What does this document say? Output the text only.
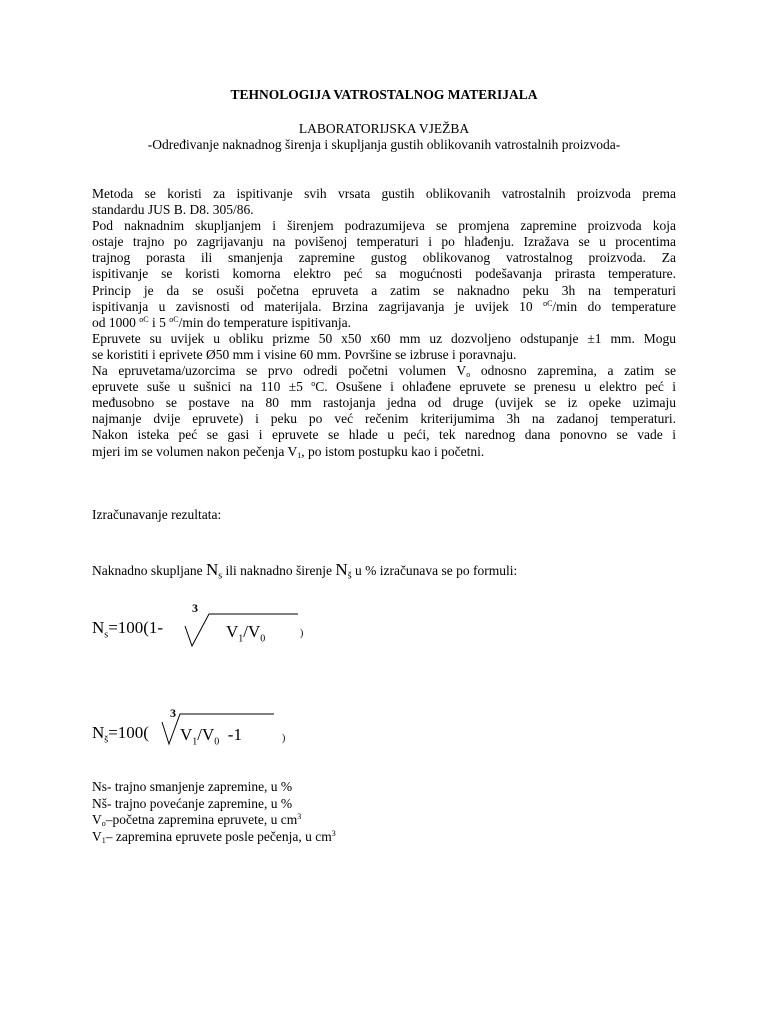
TEHNOLOGIJA VATROSTALNOG MATERIJALA
LABORATORIJSKA VJEŽBA
-Određivanje naknadnog širenja i skupljanja gustih oblikovanih vatrostalnih proizvoda-
Metoda se koristi za ispitivanje svih vrsata gustih oblikovanih vatrostalnih proizvoda prema
standardu JUS B. D8. 305/86.
Pod naknadnim skupljanjem i širenjem podrazumijeva se promjena zapremine proizvoda koja
ostaje trajno po zagrijavanju na povišenoj temperaturi i po hlađenju. Izražava se u procentima
trajnog porasta ili smanjenja zapremine gustog oblikovanog vatrostalnog proizvoda. Za
ispitivanje se koristi komorna elektro peć sa mogućnosti podešavanja prirasta temperature.
Princip je da se osuši početna epruveta a zatim se naknadno peku 3h na temperaturi
ispitivanja u zavisnosti od materijala. Brzina zagrijavanja je uvijek 10 $^{oC}$/min do temperature
od 1000 $^{oC}$ i 5 $^{oC}$/min do temperature ispitivanja.
Epruvete su uvijek u obliku prizme 50 x50 x60 mm uz dozvoljeno odstupanje ±1 mm. Mogu
se koristiti i eprivete Ø50 mm i visine 60 mm. Površine se izbruse i poravnaju.
Na epruvetama/uzorcima se prvo odredi početni volumen $V_o$ odnosno zapremina, a zatim se
epruvete suše u sušnici na 110 ±5 $^o$C. Osušene i ohlađene epruvete se prenesu u elektro peć i
međusobno se postave na 80 mm rastojanja jedna od druge (uvijek se iz opeke uzimaju
najmanje dvije epruvete) i peku po već rečenim kriterijumima 3h na zadanoj temperaturi.
Nakon isteka peć se gasi i epruvete se hlade u peći, tek narednog dana ponovno se vade i
mjeri im se volumen nakon pečenja $V_1$, po istom postupku kao i početni.
Izračunavanje rezultata:
Naknadno skupljane $N_s$ ili naknadno širenje $N_š$ u % izračunava se po formuli:
$N_s=100(1-$
3
$V_1/V_0$	)
$N_š=100$(
3
$V_1/V_0$  -1	)
Ns- trajno smanjenje zapremine, u %
Nš- trajno povećanje zapremine, u %
$V_o$–početna zapremina epruvete, u $cm^3$
$V_1-$ zapremina epruvete posle pečenja, u $cm^3$
